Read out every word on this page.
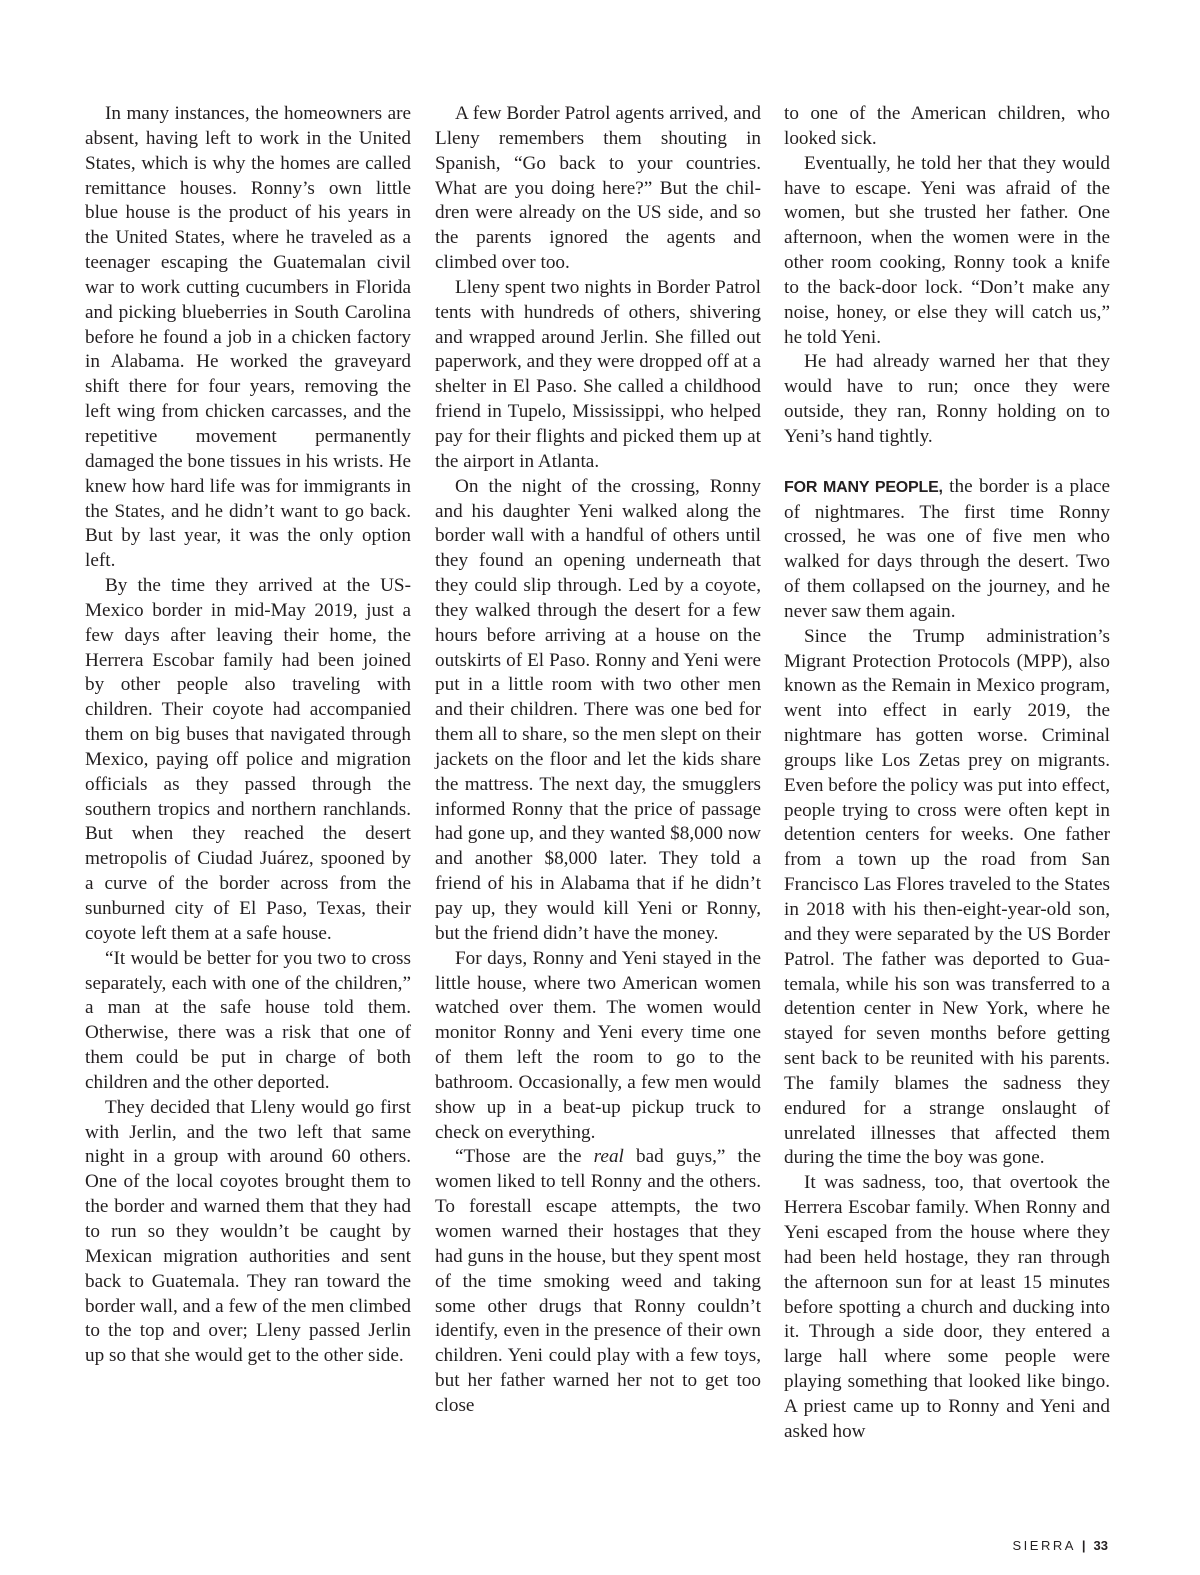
In many instances, the homeowners are absent, having left to work in the United States, which is why the homes are called remittance houses. Ronny’s own little blue house is the product of his years in the United States, where he traveled as a teenager escaping the Guatemalan civil war to work cutting cucumbers in Florida and picking blueberries in South Carolina before he found a job in a chicken factory in Alabama. He worked the graveyard shift there for four years, removing the left wing from chicken carcasses, and the repetitive movement permanently damaged the bone tissues in his wrists. He knew how hard life was for immigrants in the States, and he didn’t want to go back. But by last year, it was the only option left.

By the time they arrived at the US-Mexico border in mid-May 2019, just a few days after leaving their home, the Herrera Escobar family had been joined by other people also traveling with children. Their coyote had accompanied them on big buses that navigated through Mexico, paying off police and migration officials as they passed through the southern tropics and northern ranchlands. But when they reached the desert metropolis of Ciudad Juárez, spooned by a curve of the border across from the sunburned city of El Paso, Texas, their coyote left them at a safe house.

“It would be better for you two to cross separately, each with one of the children,” a man at the safe house told them. Otherwise, there was a risk that one of them could be put in charge of both children and the other deported.

They decided that Lleny would go first with Jerlin, and the two left that same night in a group with around 60 others. One of the local coyotes brought them to the border and warned them that they had to run so they wouldn’t be caught by Mexican migration authorities and sent back to Guatemala. They ran toward the border wall, and a few of the men climbed to the top and over; Lleny passed Jerlin up so that she would get to the other side.

A few Border Patrol agents arrived, and Lleny remembers them shouting in Spanish, “Go back to your countries. What are you doing here?” But the children were already on the US side, and so the parents ignored the agents and climbed over too.

Lleny spent two nights in Border Patrol tents with hundreds of others, shivering and wrapped around Jerlin. She filled out paperwork, and they were dropped off at a shelter in El Paso. She called a childhood friend in Tupelo, Mississippi, who helped pay for their flights and picked them up at the airport in Atlanta.

On the night of the crossing, Ronny and his daughter Yeni walked along the border wall with a handful of others until they found an opening underneath that they could slip through. Led by a coyote, they walked through the desert for a few hours before arriving at a house on the outskirts of El Paso. Ronny and Yeni were put in a little room with two other men and their children. There was one bed for them all to share, so the men slept on their jackets on the floor and let the kids share the mattress. The next day, the smugglers informed Ronny that the price of passage had gone up, and they wanted $8,000 now and another $8,000 later. They told a friend of his in Alabama that if he didn’t pay up, they would kill Yeni or Ronny, but the friend didn’t have the money.

For days, Ronny and Yeni stayed in the little house, where two American women watched over them. The women would monitor Ronny and Yeni every time one of them left the room to go to the bathroom. Occasionally, a few men would show up in a beat-up pickup truck to check on everything.

“Those are the real bad guys,” the women liked to tell Ronny and the others. To forestall escape attempts, the two women warned their hostages that they had guns in the house, but they spent most of the time smoking weed and taking some other drugs that Ronny couldn’t identify, even in the presence of their own children. Yeni could play with a few toys, but her father warned her not to get too close

to one of the American children, who looked sick.

Eventually, he told her that they would have to escape. Yeni was afraid of the women, but she trusted her father. One afternoon, when the women were in the other room cooking, Ronny took a knife to the back-door lock. “Don’t make any noise, honey, or else they will catch us,” he told Yeni.

He had already warned her that they would have to run; once they were outside, they ran, Ronny holding on to Yeni’s hand tightly.

FOR MANY PEOPLE, the border is a place of nightmares. The first time Ronny crossed, he was one of five men who walked for days through the desert. Two of them collapsed on the journey, and he never saw them again.

Since the Trump administration’s Migrant Protection Protocols (MPP), also known as the Remain in Mexico program, went into effect in early 2019, the nightmare has gotten worse. Criminal groups like Los Zetas prey on migrants. Even before the policy was put into effect, people trying to cross were often kept in detention centers for weeks. One father from a town up the road from San Francisco Las Flores traveled to the States in 2018 with his then-eight-year-old son, and they were separated by the US Border Patrol. The father was deported to Guatemala, while his son was transferred to a detention center in New York, where he stayed for seven months before getting sent back to be reunited with his parents. The family blames the sadness they endured for a strange onslaught of unrelated illnesses that affected them during the time the boy was gone.

It was sadness, too, that overtook the Herrera Escobar family. When Ronny and Yeni escaped from the house where they had been held hostage, they ran through the afternoon sun for at least 15 minutes before spotting a church and ducking into it. Through a side door, they entered a large hall where some people were playing something that looked like bingo. A priest came up to Ronny and Yeni and asked how

SIERRA | 33
